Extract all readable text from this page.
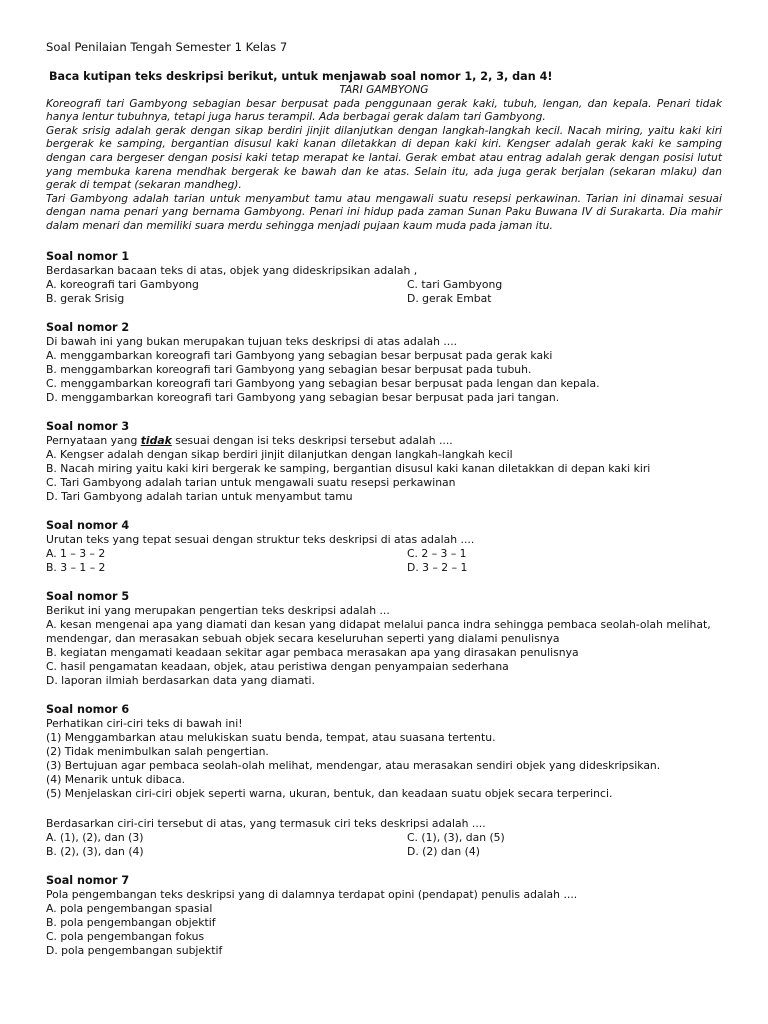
Soal Penilaian Tengah Semester 1 Kelas 7

Baca kutipan teks deskripsi berikut, untuk menjawab soal nomor 1, 2, 3, dan 4!

TARI GAMBYONG

Koreografi tari Gambyong sebagian besar berpusat pada penggunaan gerak kaki, tubuh, lengan, dan kepala. Penari tidak hanya lentur tubuhnya, tetapi juga harus terampil. Ada berbagai gerak dalam tari Gambyong.

Gerak srisig adalah gerak dengan sikap berdiri jinjit dilanjutkan dengan langkah-langkah kecil. Nacah miring, yaitu kaki kiri bergerak ke samping, bergantian disusul kaki kanan diletakkan di depan kaki kiri. Kengser adalah gerak kaki ke samping dengan cara bergeser dengan posisi kaki tetap merapat ke lantai. Gerak embat atau entrag adalah gerak dengan posisi lutut yang membuka karena mendhak bergerak ke bawah dan ke atas. Selain itu, ada juga gerak berjalan (sekaran mlaku) dan gerak di tempat (sekaran mandheg).

Tari Gambyong adalah tarian untuk menyambut tamu atau mengawali suatu resepsi perkawinan. Tarian ini dinamai sesuai dengan nama penari yang bernama Gambyong. Penari ini hidup pada zaman Sunan Paku Buwana IV di Surakarta. Dia mahir dalam menari dan memiliki suara merdu sehingga menjadi pujaan kaum muda pada jaman itu.

Soal nomor 1

Berdasarkan bacaan teks di atas, objek yang dideskripsikan adalah ,

A. koreografi tari Gambyong	C. tari Gambyong

B. gerak Srisig	D. gerak Embat

Soal nomor 2

Di bawah ini yang bukan merupakan tujuan teks deskripsi di atas adalah ....

A. menggambarkan koreografi tari Gambyong yang sebagian besar berpusat pada gerak kaki

B. menggambarkan koreografi tari Gambyong yang sebagian besar berpusat pada tubuh.

C. menggambarkan koreografi tari Gambyong yang sebagian besar berpusat pada lengan dan kepala.

D. menggambarkan koreografi tari Gambyong yang sebagian besar berpusat pada jari tangan.

Soal nomor 3

Pernyataan yang tidak sesuai dengan isi teks deskripsi tersebut adalah ....

A. Kengser adalah dengan sikap berdiri jinjit dilanjutkan dengan langkah-langkah kecil

B. Nacah miring yaitu kaki kiri bergerak ke samping, bergantian disusul kaki kanan diletakkan di depan kaki kiri

C. Tari Gambyong adalah tarian untuk mengawali suatu resepsi perkawinan

D. Tari Gambyong adalah tarian untuk menyambut tamu

Soal nomor 4

Urutan teks yang tepat sesuai dengan struktur teks deskripsi di atas adalah ....

A. 1 – 3 – 2	C. 2 – 3 – 1

B. 3 – 1 – 2	D. 3 – 2 – 1

Soal nomor 5

Berikut ini yang merupakan pengertian teks deskripsi adalah ...

A. kesan mengenai apa yang diamati dan kesan yang didapat melalui panca indra sehingga pembaca seolah-olah melihat, mendengar, dan merasakan sebuah objek secara keseluruhan seperti yang dialami penulisnya

B. kegiatan mengamati keadaan sekitar agar pembaca merasakan apa yang dirasakan penulisnya

C. hasil pengamatan keadaan, objek, atau peristiwa dengan penyampaian sederhana

D. laporan ilmiah berdasarkan data yang diamati.

Soal nomor 6

Perhatikan ciri-ciri teks di bawah ini!

(1) Menggambarkan atau melukiskan suatu benda, tempat, atau suasana tertentu.

(2) Tidak menimbulkan salah pengertian.

(3) Bertujuan agar pembaca seolah-olah melihat, mendengar, atau merasakan sendiri objek yang dideskripsikan.

(4) Menarik untuk dibaca.

(5) Menjelaskan ciri-ciri objek seperti warna, ukuran, bentuk, dan keadaan suatu objek secara terperinci.

Berdasarkan ciri-ciri tersebut di atas, yang termasuk ciri teks deskripsi adalah ....

A. (1), (2), dan (3)	C. (1), (3), dan (5)

B. (2), (3), dan (4)	D. (2) dan (4)

Soal nomor 7

Pola pengembangan teks deskripsi yang di dalamnya terdapat opini (pendapat) penulis adalah ....

A. pola pengembangan spasial

B. pola pengembangan objektif

C. pola pengembangan fokus

D. pola pengembangan subjektif
